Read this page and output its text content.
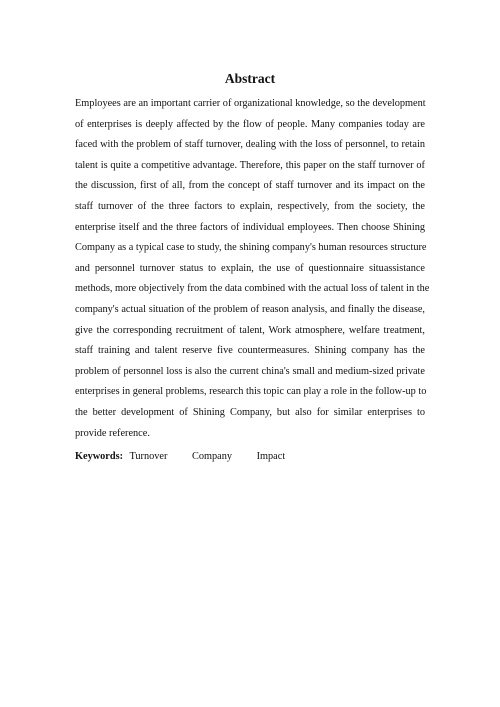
Abstract
Employees are an important carrier of organizational knowledge, so the development
of enterprises is deeply affected by the flow of people. Many companies today are
faced with the problem of staff turnover, dealing with the loss of personnel, to retain
talent is quite a competitive advantage. Therefore, this paper on the staff turnover of
the discussion, first of all, from the concept of staff turnover and its impact on the
staff turnover of the three factors to explain, respectively, from the society, the
enterprise itself and the three factors of individual employees. Then choose Shining
Company as a typical case to study, the shining company's human resources structure
and personnel turnover status to explain, the use of questionnaire situassistance
methods, more objectively from the data combined with the actual loss of talent in the
company's actual situation of the problem of reason analysis, and finally the disease,
give the corresponding recruitment of talent, Work atmosphere, welfare treatment,
staff training and talent reserve five countermeasures. Shining company has the
problem of personnel loss is also the current china's small and medium-sized private
enterprises in general problems, research this topic can play a role in the follow-up to
the better development of Shining Company, but also for similar enterprises to
provide reference.
Keywords: Turnover Company Impact
